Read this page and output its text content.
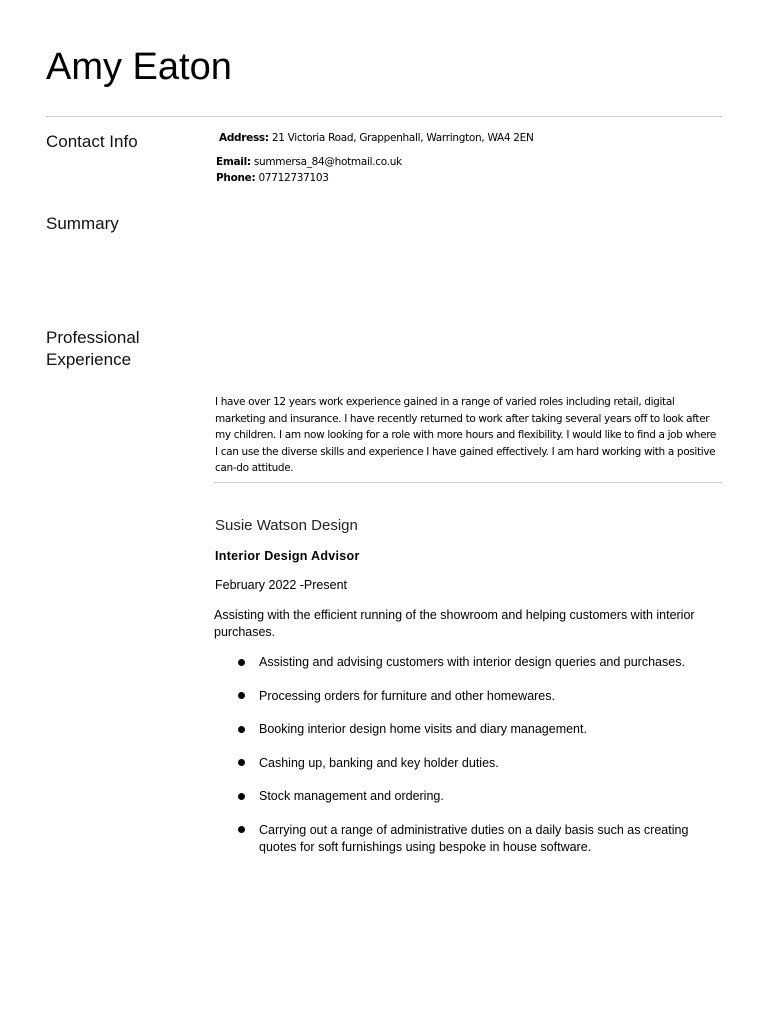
Amy Eaton
Contact Info
Summary
Professional Experience
Address: 21 Victoria Road, Grappenhall, Warrington, WA4 2EN
Email: summersa_84@hotmail.co.uk
Phone: 07712737103

I have over 12 years work experience gained in a range of varied roles including retail, digital marketing and insurance. I have recently returned to work after taking several years off to look after my children. I am now looking for a role with more hours and flexibility. I would like to find a job where I can use the diverse skills and experience I have gained effectively. I am hard working with a positive can-do attitude.

Susie Watson Design
Interior Design Advisor
February 2022 -Present

Assisting with the efficient running of the showroom and helping customers with interior purchases.

Assisting and advising customers with interior design queries and purchases.
Processing orders for furniture and other homewares.
Booking interior design home visits and diary management.
Cashing up, banking and key holder duties.
Stock management and ordering.
Carrying out a range of administrative duties on a daily basis such as creating quotes for soft furnishings using bespoke in house software.
